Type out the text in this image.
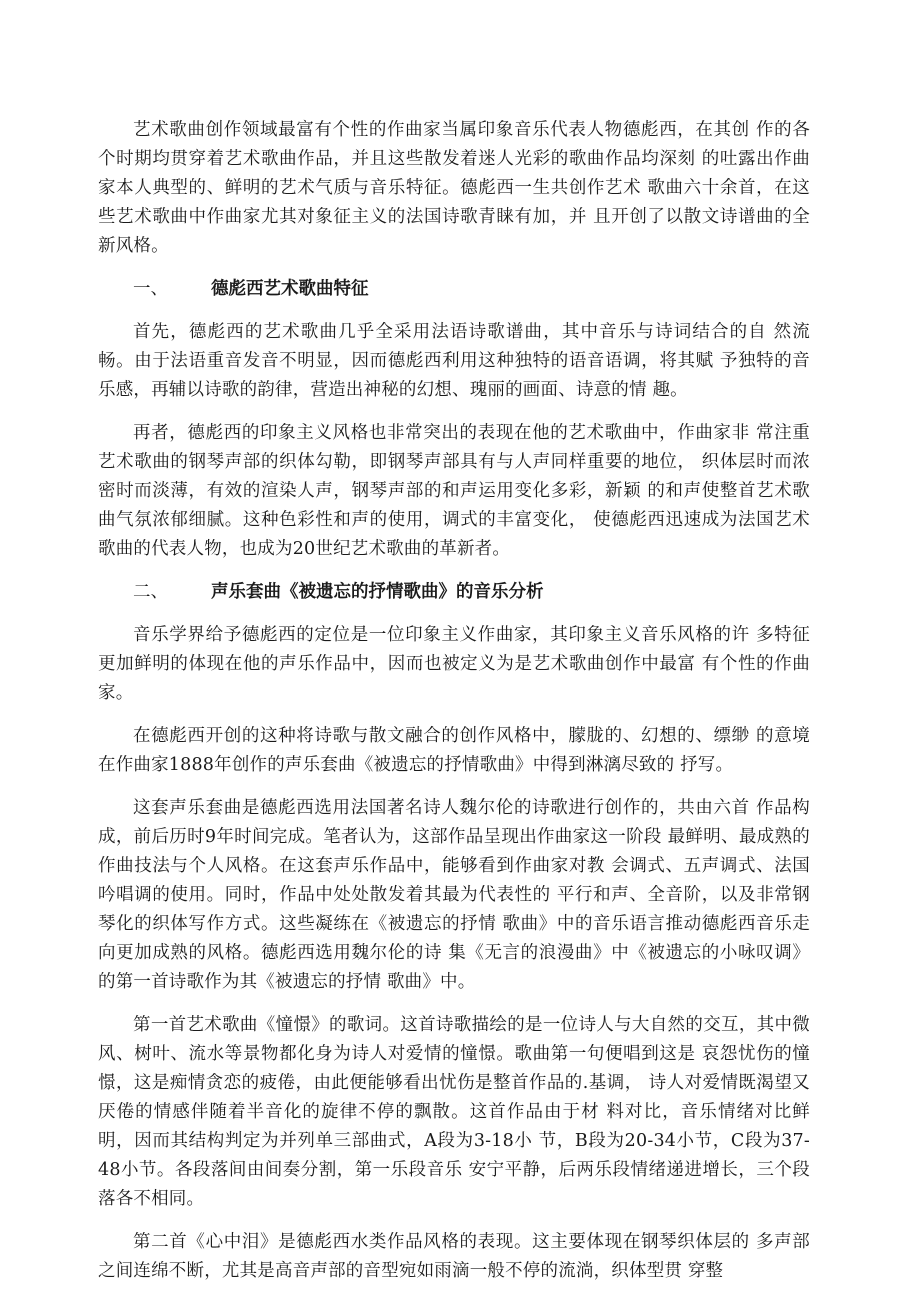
艺术歌曲创作领域最富有个性的作曲家当属印象音乐代表人物德彪西，在其创 作的各个时期均贯穿着艺术歌曲作品，并且这些散发着迷人光彩的歌曲作品均深刻 的吐露出作曲家本人典型的、鲜明的艺术气质与音乐特征。德彪西一生共创作艺术 歌曲六十余首，在这些艺术歌曲中作曲家尤其对象征主义的法国诗歌青睐有加，并 且开创了以散文诗谱曲的全新风格。

一、 德彪西艺术歌曲特征

首先，德彪西的艺术歌曲几乎全采用法语诗歌谱曲，其中音乐与诗词结合的自 然流畅。由于法语重音发音不明显，因而德彪西利用这种独特的语音语调，将其赋 予独特的音乐感，再辅以诗歌的韵律，营造出神秘的幻想、瑰丽的画面、诗意的情 趣。

再者，德彪西的印象主义风格也非常突出的表现在他的艺术歌曲中，作曲家非 常注重艺术歌曲的钢琴声部的织体勾勒，即钢琴声部具有与人声同样重要的地位， 织体层时而浓密时而淡薄，有效的渲染人声，钢琴声部的和声运用变化多彩，新颖 的和声使整首艺术歌曲气氛浓郁细腻。这种色彩性和声的使用，调式的丰富变化， 使德彪西迅速成为法国艺术歌曲的代表人物，也成为20世纪艺术歌曲的革新者。

二、 声乐套曲《被遗忘的抒情歌曲》的音乐分析

音乐学界给予德彪西的定位是一位印象主义作曲家，其印象主义音乐风格的许 多特征更加鲜明的体现在他的声乐作品中，因而也被定义为是艺术歌曲创作中最富 有个性的作曲家。

在德彪西开创的这种将诗歌与散文融合的创作风格中，朦胧的、幻想的、缥缈 的意境在作曲家1888年创作的声乐套曲《被遗忘的抒情歌曲》中得到淋漓尽致的 抒写。

这套声乐套曲是德彪西选用法国著名诗人魏尔伦的诗歌进行创作的，共由六首 作品构成，前后历时9年时间完成。笔者认为，这部作品呈现出作曲家这一阶段 最鲜明、最成熟的作曲技法与个人风格。在这套声乐作品中，能够看到作曲家对教 会调式、五声调式、法国吟唱调的使用。同时，作品中处处散发着其最为代表性的 平行和声、全音阶，以及非常钢琴化的织体写作方式。这些凝练在《被遗忘的抒情 歌曲》中的音乐语言推动德彪西音乐走向更加成熟的风格。德彪西选用魏尔伦的诗 集《无言的浪漫曲》中《被遗忘的小咏叹调》的第一首诗歌作为其《被遗忘的抒情 歌曲》中。

第一首艺术歌曲《憧憬》的歌词。这首诗歌描绘的是一位诗人与大自然的交互，其中微风、树叶、流水等景物都化身为诗人对爱情的憧憬。歌曲第一句便唱到这是 哀怨忧伤的憧憬，这是痴情贪恋的疲倦，由此便能够看出忧伤是整首作品的.基调， 诗人对爱情既渴望又厌倦的情感伴随着半音化的旋律不停的飘散。这首作品由于材 料对比，音乐情绪对比鲜明，因而其结构判定为并列单三部曲式，A段为3-18小 节，B段为20-34小节，C段为37-48小节。各段落间由间奏分割，第一乐段音乐 安宁平静，后两乐段情绪递进增长，三个段落各不相同。

第二首《心中泪》是德彪西水类作品风格的表现。这主要体现在钢琴织体层的 多声部之间连绵不断，尤其是高音声部的音型宛如雨滴一般不停的流淌，织体型贯 穿整
